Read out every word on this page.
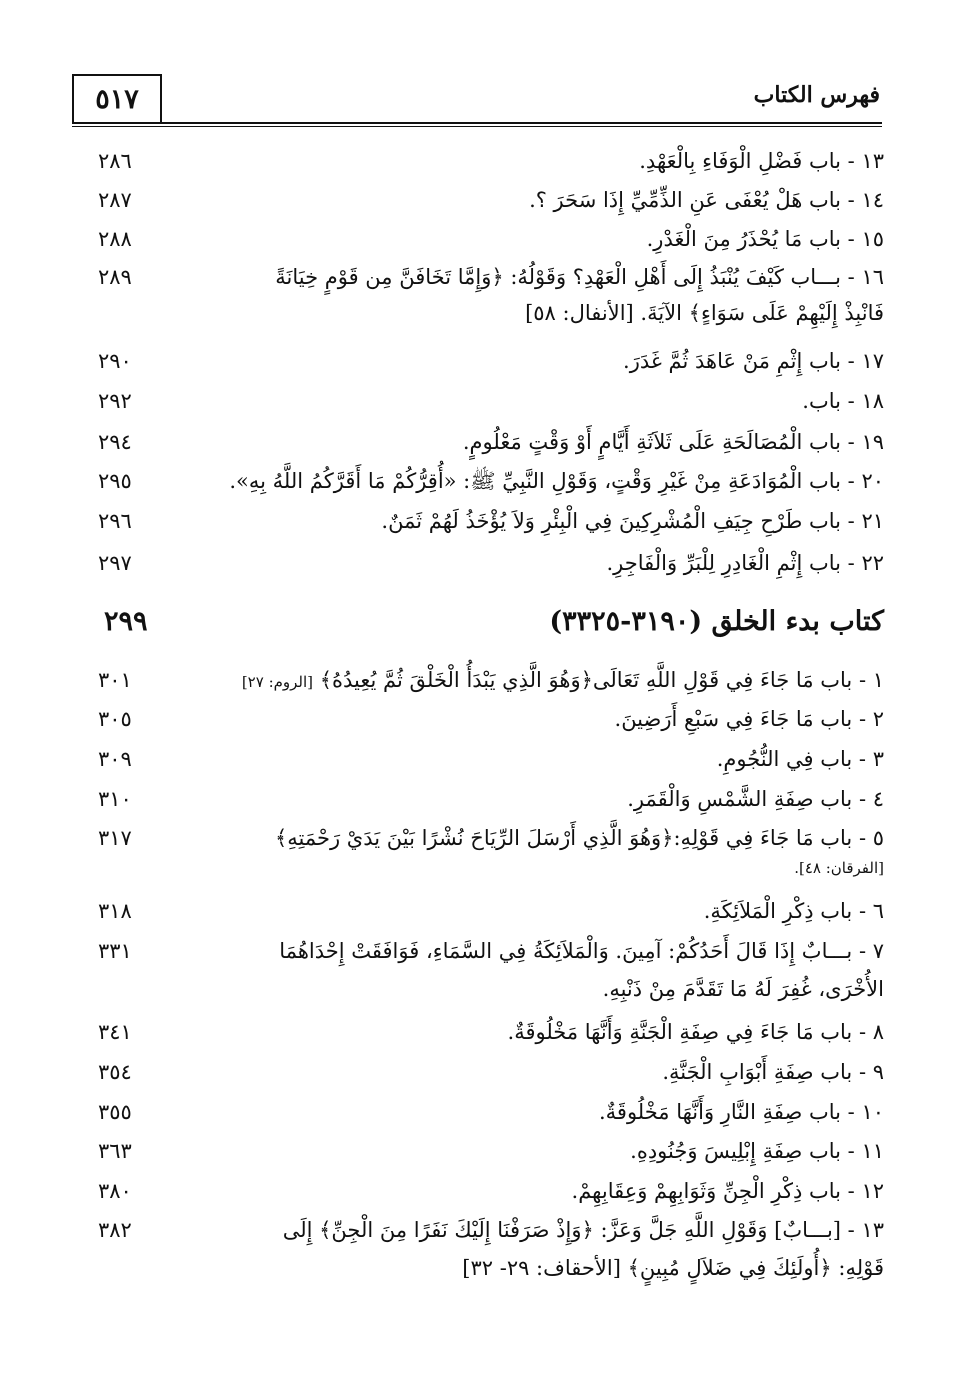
٥١٧	فهرس الكتاب
١٣ - باب فَضْلِ الْوَفَاءِ بِالْعَهْدِ.
٢٨٦
١٤ - باب هَلْ يُعْفَى عَنِ الذِّمِّيِّ إِذَا سَحَرَ ؟.
٢٨٧
١٥ - باب مَا يُحْذَرُ مِنَ الْغَدْرِ.
٢٨٨
١٦ - بـــاب كَيْفَ يُنْبَذُ إِلَى أَهْلِ الْعَهْدِ؟ وَقَوْلُهُ: ﴿وَإِمَّا تَخَافَنَّ مِن قَوْمٍ خِيَانَةً
فَانْبِذْ إِلَيْهِمْ عَلَى سَوَاءٍ﴾ الآيَةَ. [الأنفال: ٥٨]
٢٨٩
١٧ - باب إِثْمِ مَنْ عَاهَدَ ثُمَّ غَدَرَ.
٢٩٠
١٨ - باب.
٢٩٢
١٩ - باب الْمُصَالَحَةِ عَلَى ثَلاَثَةِ أَيَّامٍ أَوْ وَقْتٍ مَعْلُومٍ.
٢٩٤
٢٠ - باب الْمُوَادَعَةِ مِنْ غَيْرِ وَقْتٍ، وَقَوْلِ النَّبِيِّ ﷺ: «أُقِرُّكُمْ مَا أَقَرَّكُمُ اللَّهُ بِهِ».
٢٩٥
٢١ - باب طَرْحِ جِيَفِ الْمُشْرِكِينَ فِي الْبِئْرِ وَلاَ يُؤْخَذُ لَهُمْ ثَمَنٌ.
٢٩٦
٢٢ - باب إِثْمِ الْغَادِرِ لِلْبَرِّ وَالْفَاجِرِ.
٢٩٧
كتاب بدء الخلق (٣١٩٠-٣٣٢٥)
٢٩٩
١ - باب مَا جَاءَ فِي قَوْلِ اللَّهِ تَعَالَى﴿وَهُوَ الَّذِي يَبْدَأُ الْخَلْقَ ثُمَّ يُعِيدُهُ﴾ [الروم: ٢٧]
٣٠١
٢ - باب مَا جَاءَ فِي سَبْعِ أَرَضِينَ.
٣٠٥
٣ - باب فِي النُّجُومِ.
٣٠٩
٤ - باب صِفَةِ الشَّمْسِ وَالْقَمَرِ.
٣١٠
٥ - باب مَا جَاءَ فِي قَوْلِهِ:﴿وَهُوَ الَّذِي أَرْسَلَ الرِّيَاحَ نُشْرًا بَيْنَ يَدَيْ رَحْمَتِهِ﴾
[الفرقان: ٤٨].
٣١٧
٦ - باب ذِكْرِ الْمَلاَئِكَةِ.
٣١٨
٧ - بـــابٌ إِذَا قَالَ أَحَدُكُمْ: آمِينَ. وَالْمَلاَئِكَةُ فِي السَّمَاءِ، فَوَافَقَتْ إِحْدَاهُمَا
الأُخْرَى، غُفِرَ لَهُ مَا تَقَدَّمَ مِنْ ذَنْبِهِ.
٣٣١
٨ - باب مَا جَاءَ فِي صِفَةِ الْجَنَّةِ وَأَنَّهَا مَخْلُوقَةٌ.
٣٤١
٩ - باب صِفَةِ أَبْوَابِ الْجَنَّةِ.
٣٥٤
١٠ - باب صِفَةِ النَّارِ وَأَنَّهَا مَخْلُوقَةٌ.
٣٥٥
١١ - باب صِفَةِ إِبْلِيسَ وَجُنُودِهِ.
٣٦٣
١٢ - باب ذِكْرِ الْجِنِّ وَثَوَابِهِمْ وَعِقَابِهِمْ.
٣٨٠
١٣ - [بـــابٌ] وَقَوْلِ اللَّهِ جَلَّ وَعَزَّ: ﴿وَإِذْ صَرَفْنَا إِلَيْكَ نَفَرًا مِنَ الْجِنِّ﴾ إِلَى
قَوْلِهِ: ﴿أُولَئِكَ فِي ضَلاَلٍ مُبِينٍ﴾ [الأحقاف: ٢٩- ٣٢]
٣٨٢
